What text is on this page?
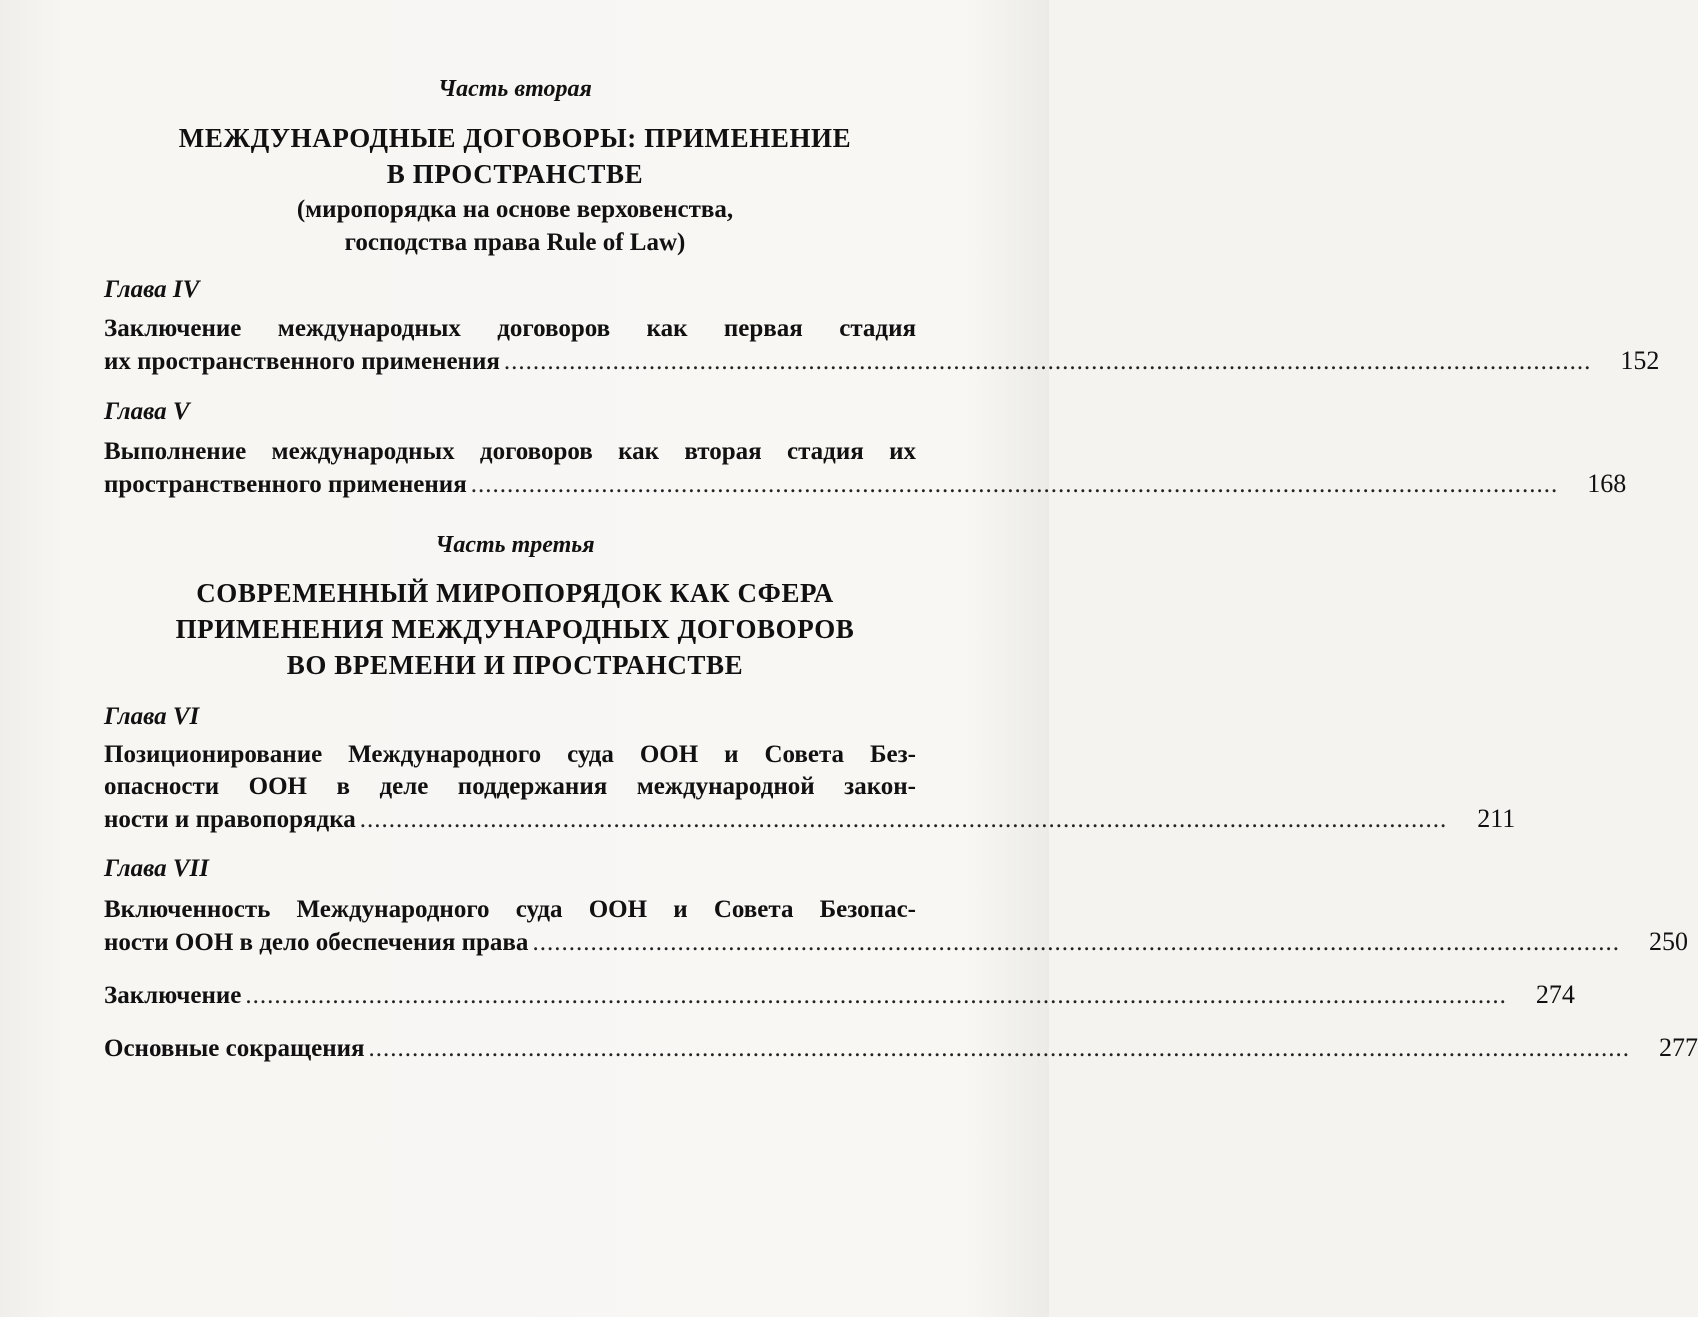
Часть вторая
МЕЖДУНАРОДНЫЕ ДОГОВОРЫ: ПРИМЕНЕНИЕ
В ПРОСТРАНСТВЕ
(миропорядка на основе верховенства,
господства права Rule of Law)
Глава IV
Заключение международных договоров как первая стадия
их пространственного применения ......................................................................................................................................................	152
Глава V
Выполнение международных договоров как вторая стадия их
пространственного применения ......................................................................................................................................................	168
Часть третья
СОВРЕМЕННЫЙ МИРОПОРЯДОК КАК СФЕРА
ПРИМЕНЕНИЯ МЕЖДУНАРОДНЫХ ДОГОВОРОВ
ВО ВРЕМЕНИ И ПРОСТРАНСТВЕ
Глава VI
Позиционирование Международного суда ООН и Совета Без-
опасности ООН в деле поддержания международной закон-
ности и правопорядка ......................................................................................................................................................	211
Глава VII
Включенность Международного суда ООН и Совета Безопас-
ности ООН в дело обеспечения права ......................................................................................................................................................	250
Заключение ..............................................................................................................................................................................	274
Основные сокращения ..............................................................................................................................................................................	277
